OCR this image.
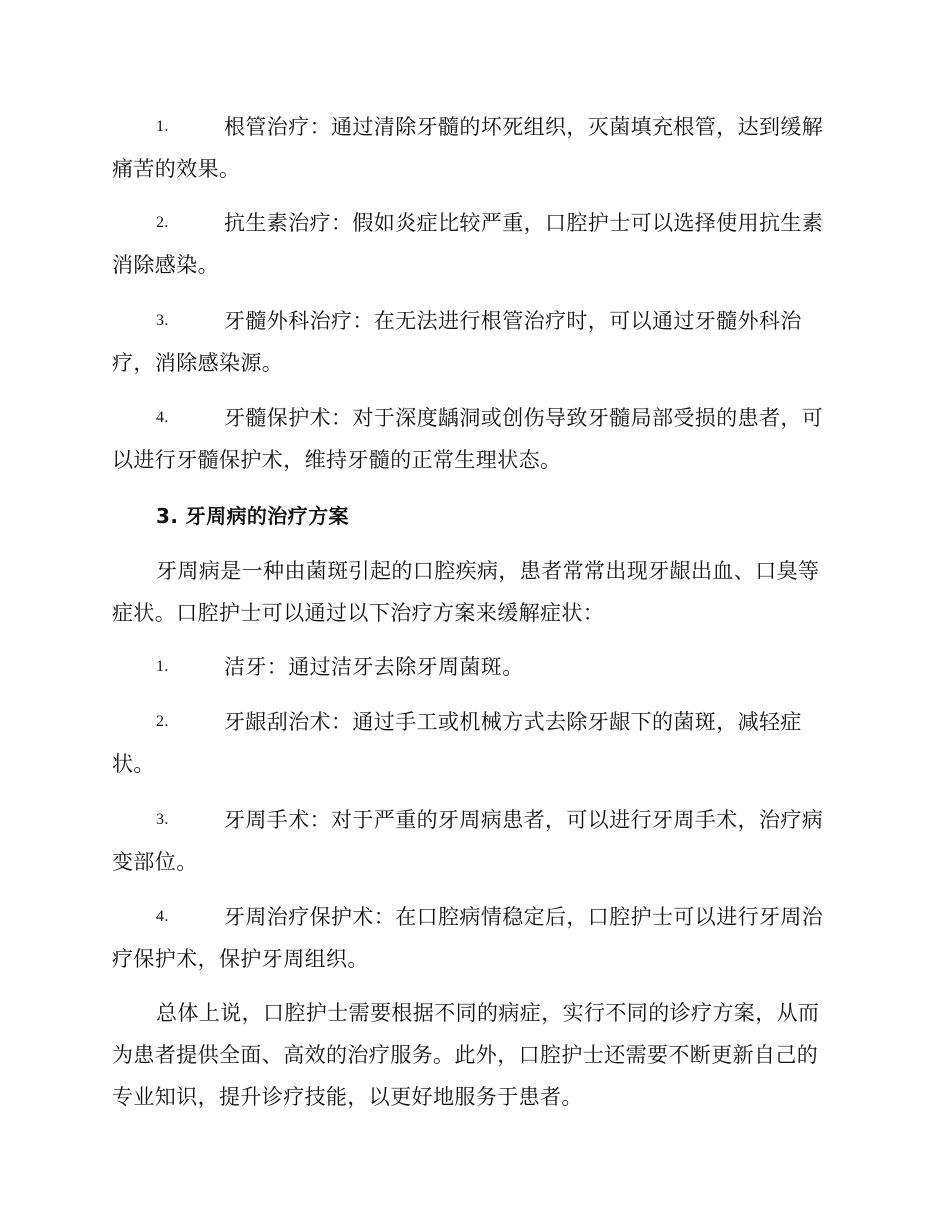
1.	根管治疗：通过清除牙髓的坏死组织，灭菌填充根管，达到缓解痛苦的效果。
2.	抗生素治疗：假如炎症比较严重，口腔护士可以选择使用抗生素消除感染。
3.	牙髓外科治疗：在无法进行根管治疗时，可以通过牙髓外科治疗，消除感染源。
4.	牙髓保护术：对于深度龋洞或创伤导致牙髓局部受损的患者，可以进行牙髓保护术，维持牙髓的正常生理状态。
3. 牙周病的治疗方案
牙周病是一种由菌斑引起的口腔疾病，患者常常出现牙龈出血、口臭等症状。口腔护士可以通过以下治疗方案来缓解症状：
1.	洁牙：通过洁牙去除牙周菌斑。
2.	牙龈刮治术：通过手工或机械方式去除牙龈下的菌斑，减轻症状。
3.	牙周手术：对于严重的牙周病患者，可以进行牙周手术，治疗病变部位。
4.	牙周治疗保护术：在口腔病情稳定后，口腔护士可以进行牙周治疗保护术，保护牙周组织。
总体上说，口腔护士需要根据不同的病症，实行不同的诊疗方案，从而为患者提供全面、高效的治疗服务。此外，口腔护士还需要不断更新自己的专业知识，提升诊疗技能，以更好地服务于患者。
